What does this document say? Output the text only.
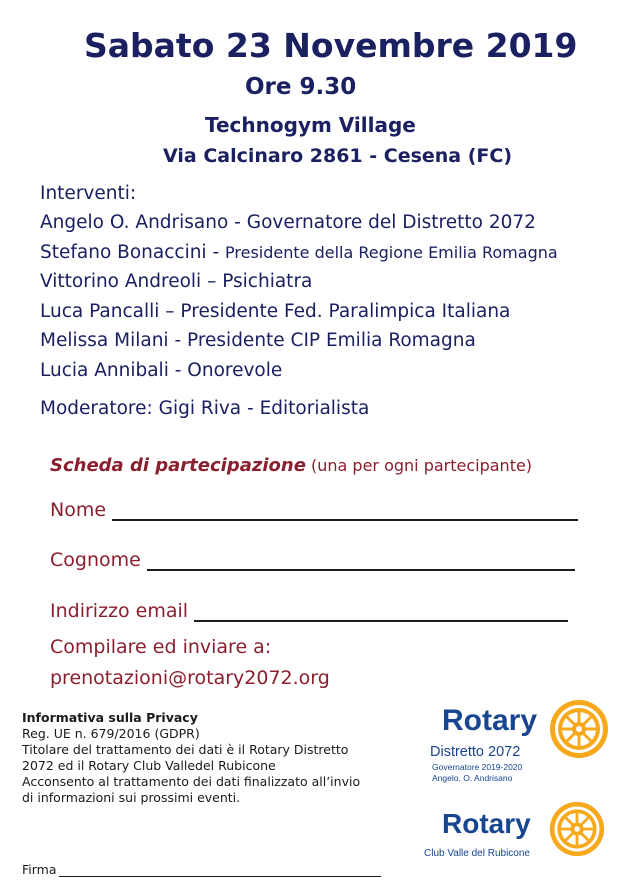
Sabato 23 Novembre 2019
Ore 9.30
Technogym Village
Via Calcinaro 2861 - Cesena (FC)
Interventi:
Angelo O. Andrisano - Governatore del Distretto 2072
Stefano Bonaccini - Presidente della Regione Emilia Romagna
Vittorino Andreoli – Psichiatra
Luca Pancalli – Presidente Fed. Paralimpica Italiana
Melissa Milani - Presidente CIP Emilia Romagna
Lucia Annibali - Onorevole
Moderatore: Gigi Riva - Editorialista
Scheda di partecipazione (una per ogni partecipante)
Nome
Cognome
Indirizzo email
Compilare ed inviare a:
prenotazioni@rotary2072.org
Informativa sulla Privacy
Reg. UE n. 679/2016 (GDPR)
Titolare del trattamento dei dati è il Rotary Distretto
2072 ed il Rotary Club Valledel Rubicone
Acconsento al trattamento dei dati finalizzato all’invio
di informazioni sui prossimi eventi.
Firma
Rotary
Distretto 2072
Governatore 2019-2020
Angelo. O. Andrisano
Rotary
Club Valle del Rubicone
